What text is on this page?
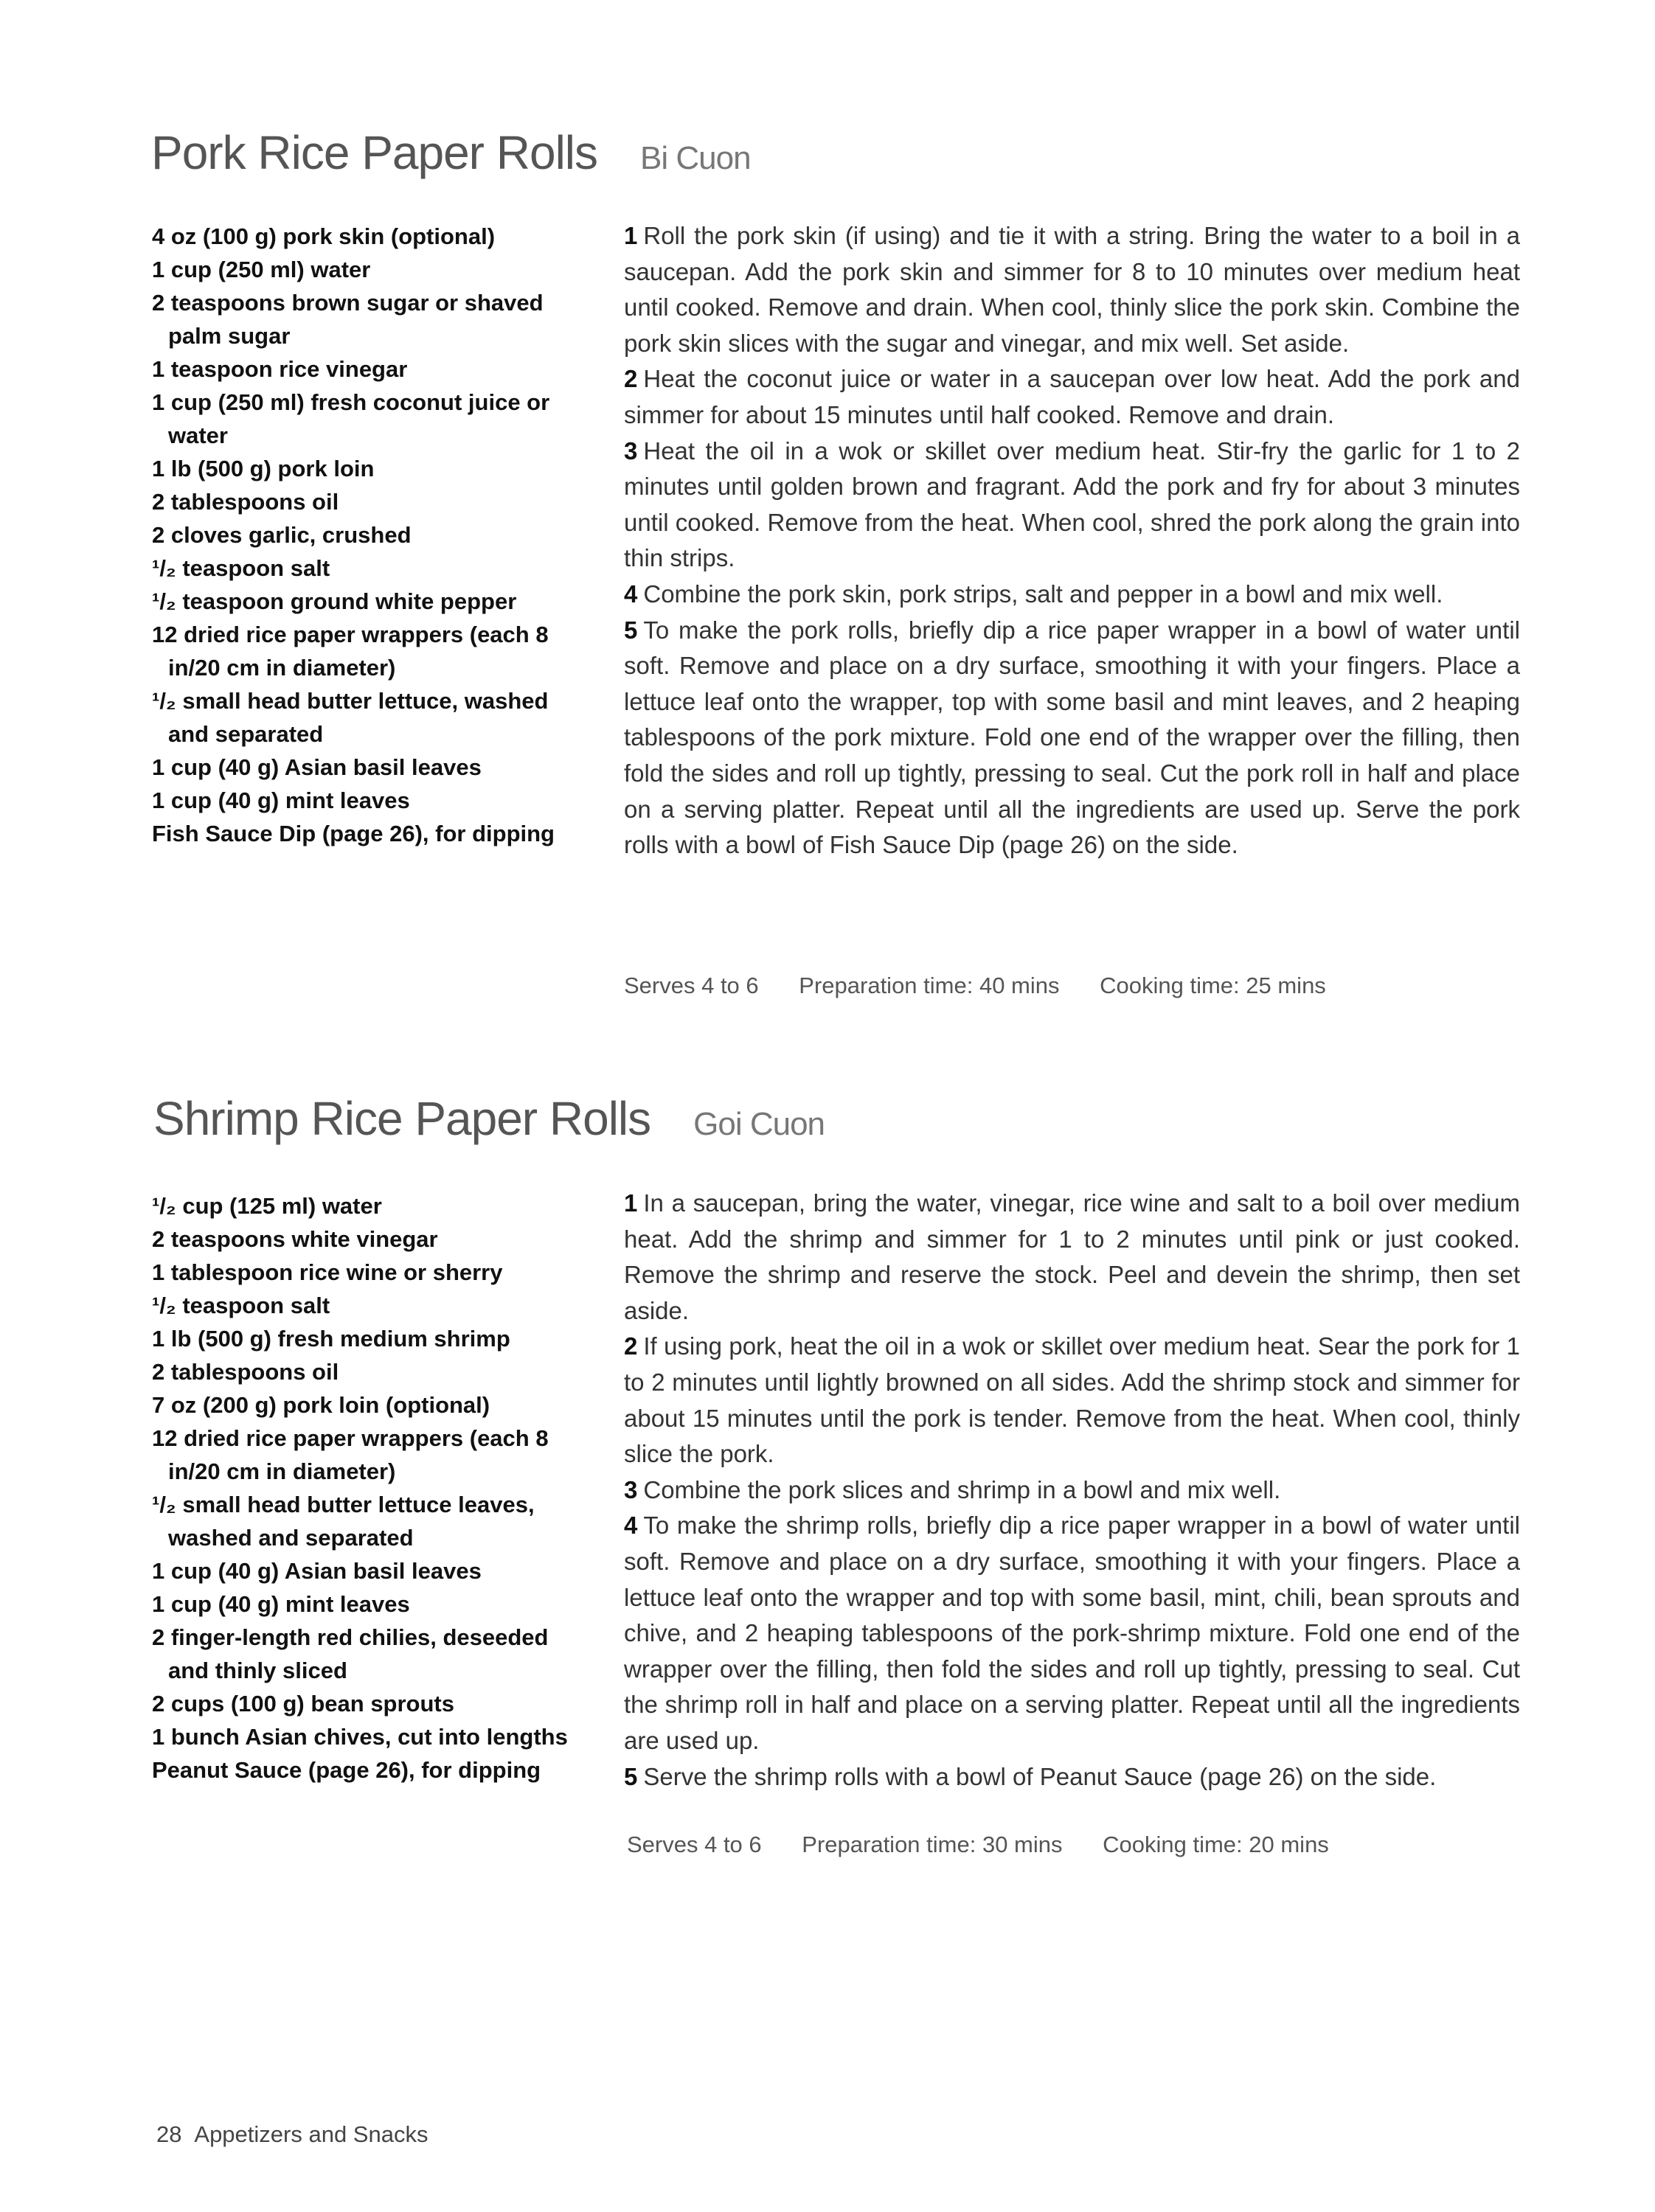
Pork Rice Paper Rolls Bi Cuon
4 oz (100 g) pork skin (optional)
1 cup (250 ml) water
2 teaspoons brown sugar or shaved palm sugar
1 teaspoon rice vinegar
1 cup (250 ml) fresh coconut juice or water
1 lb (500 g) pork loin
2 tablespoons oil
2 cloves garlic, crushed
¹/₂ teaspoon salt
¹/₂ teaspoon ground white pepper
12 dried rice paper wrappers (each 8 in/20 cm in diameter)
¹/₂ small head butter lettuce, washed and separated
1 cup (40 g) Asian basil leaves
1 cup (40 g) mint leaves
Fish Sauce Dip (page 26), for dipping
1 Roll the pork skin (if using) and tie it with a string. Bring the water to a boil in a saucepan. Add the pork skin and simmer for 8 to 10 minutes over medium heat until cooked. Remove and drain. When cool, thinly slice the pork skin. Combine the pork skin slices with the sugar and vinegar, and mix well. Set aside.
2 Heat the coconut juice or water in a saucepan over low heat. Add the pork and simmer for about 15 minutes until half cooked. Remove and drain.
3 Heat the oil in a wok or skillet over medium heat. Stir-fry the garlic for 1 to 2 minutes until golden brown and fragrant. Add the pork and fry for about 3 minutes until cooked. Remove from the heat. When cool, shred the pork along the grain into thin strips.
4 Combine the pork skin, pork strips, salt and pepper in a bowl and mix well.
5 To make the pork rolls, briefly dip a rice paper wrapper in a bowl of water until soft. Remove and place on a dry surface, smoothing it with your fingers. Place a lettuce leaf onto the wrapper, top with some basil and mint leaves, and 2 heaping tablespoons of the pork mixture. Fold one end of the wrapper over the filling, then fold the sides and roll up tightly, pressing to seal. Cut the pork roll in half and place on a serving platter. Repeat until all the ingredients are used up. Serve the pork rolls with a bowl of Fish Sauce Dip (page 26) on the side.
Serves 4 to 6 Preparation time: 40 mins Cooking time: 25 mins
Shrimp Rice Paper Rolls Goi Cuon
¹/₂ cup (125 ml) water
2 teaspoons white vinegar
1 tablespoon rice wine or sherry
¹/₂ teaspoon salt
1 lb (500 g) fresh medium shrimp
2 tablespoons oil
7 oz (200 g) pork loin (optional)
12 dried rice paper wrappers (each 8 in/20 cm in diameter)
¹/₂ small head butter lettuce leaves, washed and separated
1 cup (40 g) Asian basil leaves
1 cup (40 g) mint leaves
2 finger-length red chilies, deseeded and thinly sliced
2 cups (100 g) bean sprouts
1 bunch Asian chives, cut into lengths
Peanut Sauce (page 26), for dipping
1 In a saucepan, bring the water, vinegar, rice wine and salt to a boil over medium heat. Add the shrimp and simmer for 1 to 2 minutes until pink or just cooked. Remove the shrimp and reserve the stock. Peel and devein the shrimp, then set aside.
2 If using pork, heat the oil in a wok or skillet over medium heat. Sear the pork for 1 to 2 minutes until lightly browned on all sides. Add the shrimp stock and simmer for about 15 minutes until the pork is tender. Remove from the heat. When cool, thinly slice the pork.
3 Combine the pork slices and shrimp in a bowl and mix well.
4 To make the shrimp rolls, briefly dip a rice paper wrapper in a bowl of water until soft. Remove and place on a dry surface, smoothing it with your fingers. Place a lettuce leaf onto the wrapper and top with some basil, mint, chili, bean sprouts and chive, and 2 heaping tablespoons of the pork-shrimp mixture. Fold one end of the wrapper over the filling, then fold the sides and roll up tightly, pressing to seal. Cut the shrimp roll in half and place on a serving platter. Repeat until all the ingredients are used up.
5 Serve the shrimp rolls with a bowl of Peanut Sauce (page 26) on the side.
Serves 4 to 6 Preparation time: 30 mins Cooking time: 20 mins
28 Appetizers and Snacks
